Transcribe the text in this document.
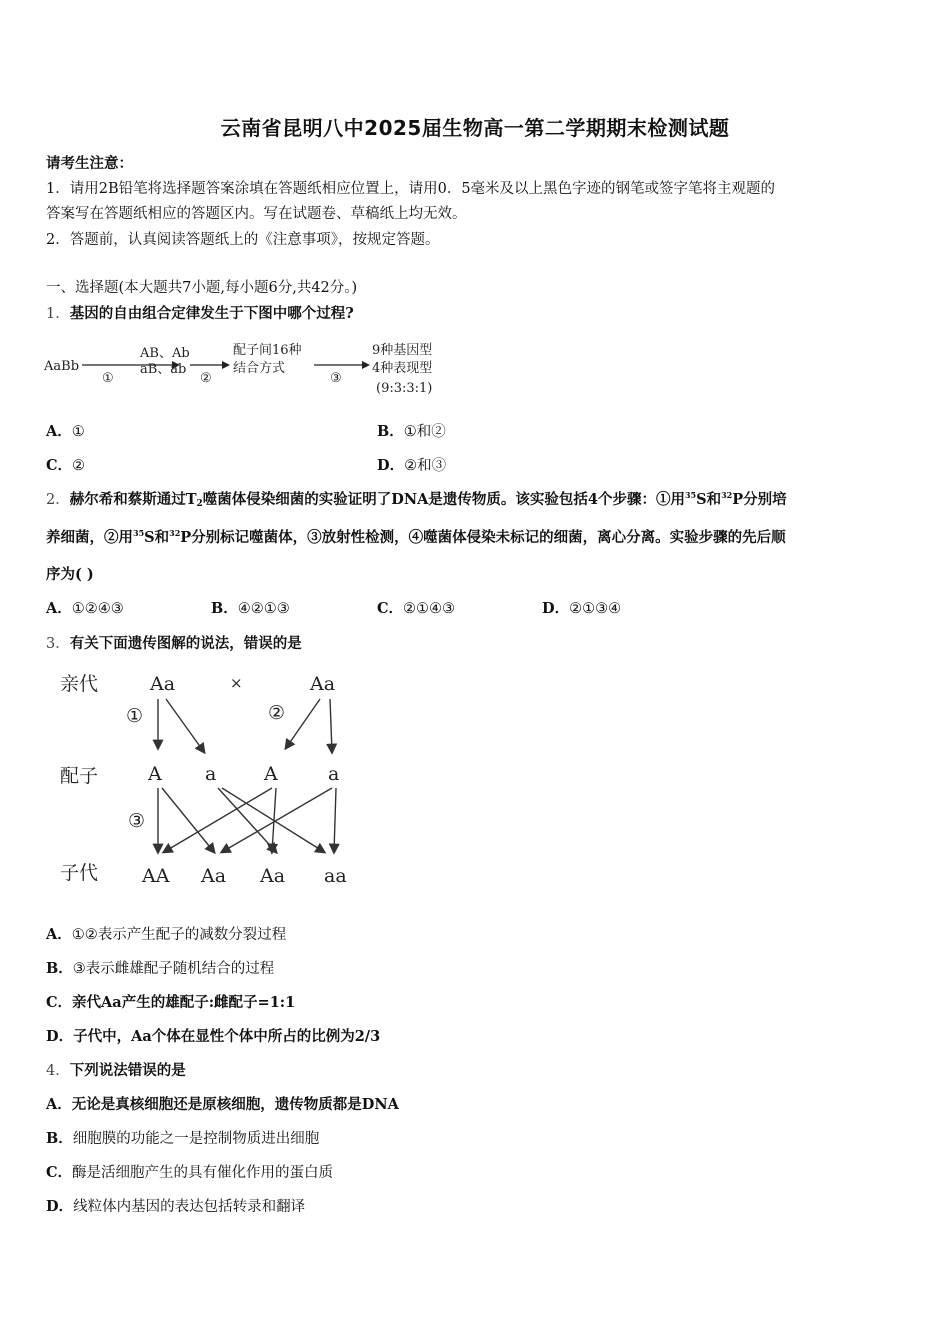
云南省昆明八中2025届生物高一第二学期期末检测试题
请考生注意：
1．请用2B铅笔将选择题答案涂填在答题纸相应位置上，请用0．5毫米及以上黑色字迹的钢笔或签字笔将主观题的
答案写在答题纸相应的答题区内。写在试题卷、草稿纸上均无效。
2．答题前，认真阅读答题纸上的《注意事项》，按规定答题。
一、选择题(本大题共7小题,每小题6分,共42分。)
1．基因的自由组合定律发生于下图中哪个过程?
AaBb
①
AB、Ab
aB、ab
②
配子间16种
结合方式
③
9种基因型
4种表现型
(9:3:3:1)
A．①	B．①和②
C．②	D．②和③
2．赫尔希和蔡斯通过$T_2$噬菌体侵染细菌的实验证明了DNA是遗传物质。该实验包括4个步骤：①用$^{35}$S和$^{32}$P分别培
养细菌，②用$^{35}$S和$^{32}$P分别标记噬菌体，③放射性检测，④噬菌体侵染未标记的细菌，离心分离。实验步骤的先后顺
序为( )
A．①②④③	B．④②①③	C．②①④③	D．②①③④
3．有关下面遗传图解的说法，错误的是
亲代
配子
子代
Aa	×	Aa
①	②
③
A a	A	a
AA Aa Aa aa
A．①②表示产生配子的减数分裂过程
B．③表示雌雄配子随机结合的过程
C．亲代Aa产生的雄配子:雌配子=1:1
D．子代中，Aa个体在显性个体中所占的比例为2/3
4．下列说法错误的是
A．无论是真核细胞还是原核细胞，遗传物质都是DNA
B．细胞膜的功能之一是控制物质进出细胞
C．酶是活细胞产生的具有催化作用的蛋白质
D．线粒体内基因的表达包括转录和翻译
